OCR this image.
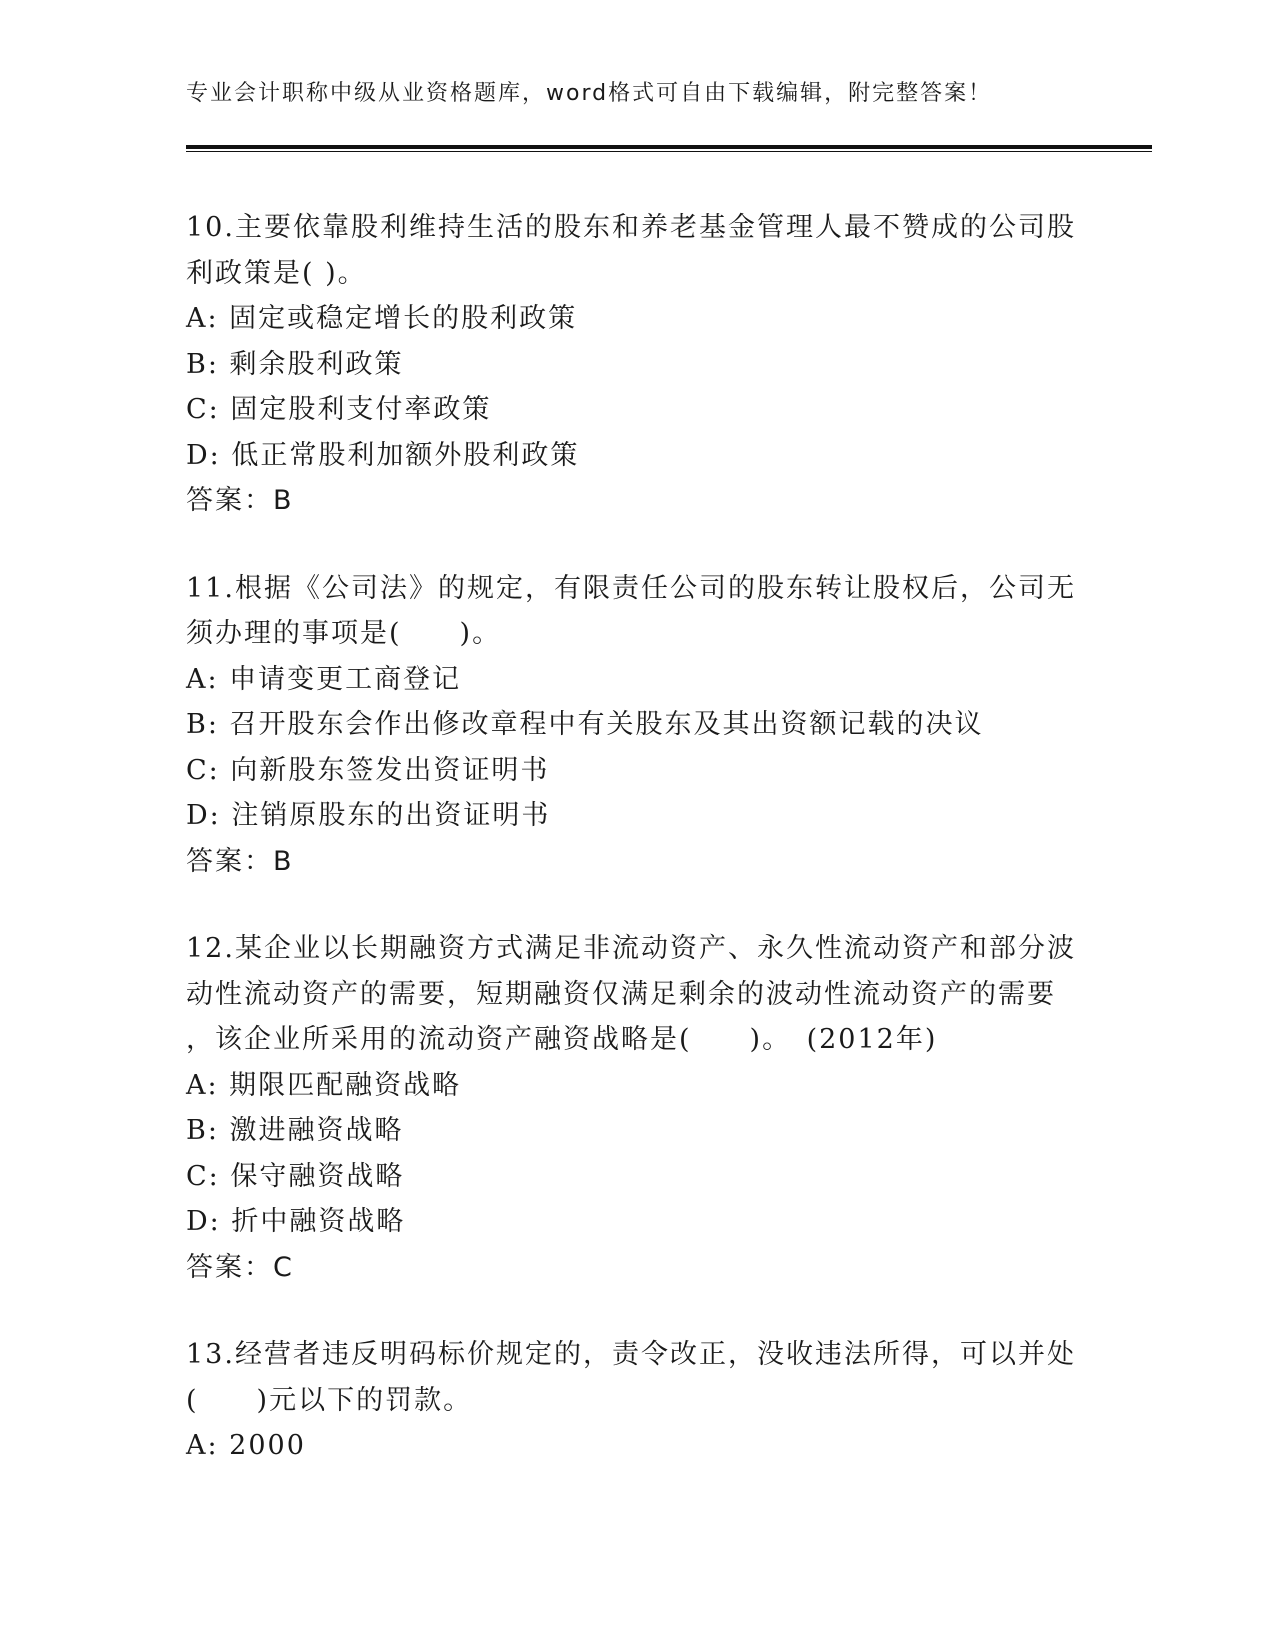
专业会计职称中级从业资格题库，word格式可自由下载编辑，附完整答案！
10.主要依靠股利维持生活的股东和养老基金管理人最不赞成的公司股
利政策是( )。
A: 固定或稳定增长的股利政策
B: 剩余股利政策
C: 固定股利支付率政策
D: 低正常股利加额外股利政策
答案：B
11.根据《公司法》的规定，有限责任公司的股东转让股权后，公司无
须办理的事项是(　　)。
A: 申请变更工商登记
B: 召开股东会作出修改章程中有关股东及其出资额记载的决议
C: 向新股东签发出资证明书
D: 注销原股东的出资证明书
答案：B
12.某企业以长期融资方式满足非流动资产、永久性流动资产和部分波
动性流动资产的需要，短期融资仅满足剩余的波动性流动资产的需要
，该企业所采用的流动资产融资战略是(　　)。　(2012年)
A: 期限匹配融资战略
B: 激进融资战略
C: 保守融资战略
D: 折中融资战略
答案：C
13.经营者违反明码标价规定的，责令改正，没收违法所得，可以并处
(　　)元以下的罚款。
A: 2000
